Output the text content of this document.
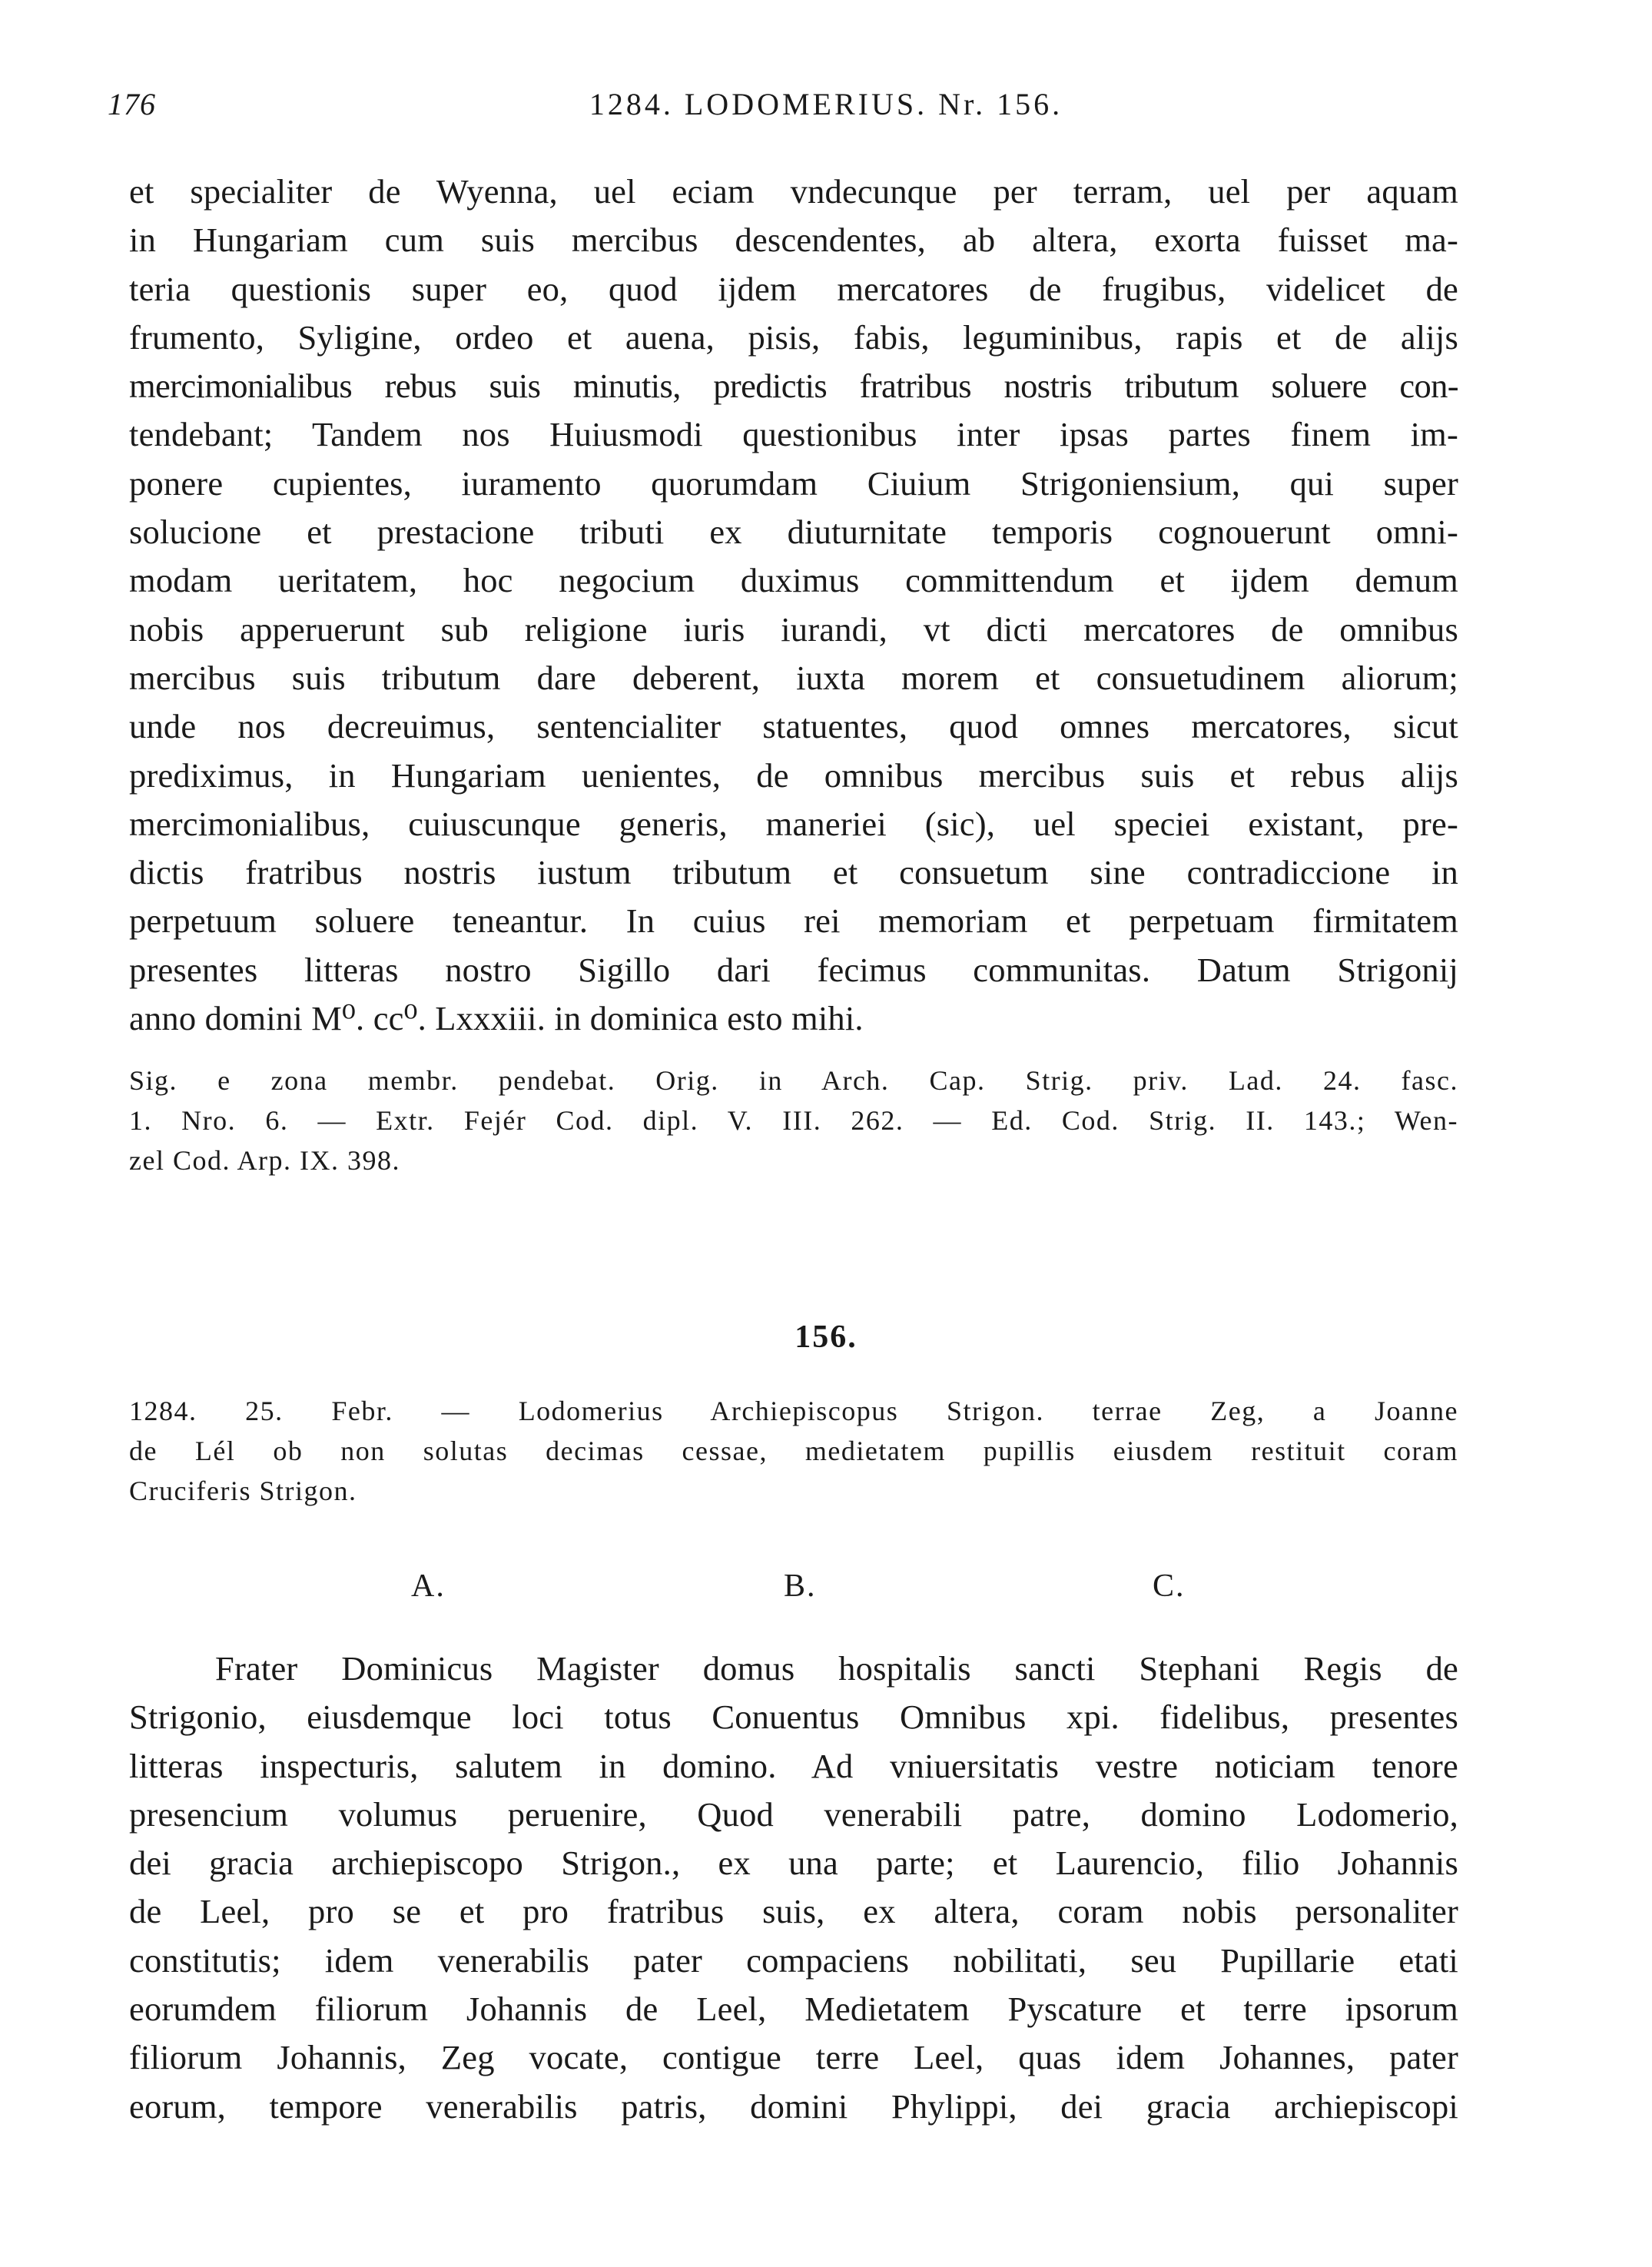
176	1284. LODOMERIUS. Nr. 156.
et specialiter de Wyenna, uel eciam vndecunque per terram, uel per aquam
in Hungariam cum suis mercibus descendentes, ab altera, exorta fuisset ma-
teria questionis super eo, quod ijdem mercatores de frugibus, videlicet de
frumento, Syligine, ordeo et auena, pisis, fabis, leguminibus, rapis et de alijs
mercimonialibus rebus suis minutis, predictis fratribus nostris tributum soluere con-
tendebant; Tandem nos Huiusmodi questionibus inter ipsas partes finem im-
ponere cupientes, iuramento quorumdam Ciuium Strigoniensium, qui super
solucione et prestacione tributi ex diuturnitate temporis cognouerunt omni-
modam ueritatem, hoc negocium duximus committendum et ijdem demum
nobis apperuerunt sub religione iuris iurandi, vt dicti mercatores de omnibus
mercibus suis tributum dare deberent, iuxta morem et consuetudinem aliorum;
unde nos decreuimus, sentencialiter statuentes, quod omnes mercatores, sicut
prediximus, in Hungariam uenientes, de omnibus mercibus suis et rebus alijs
mercimonialibus, cuiuscunque generis, maneriei (sic), uel speciei existant, pre-
dictis fratribus nostris iustum tributum et consuetum sine contradiccione in
perpetuum soluere teneantur. In cuius rei memoriam et perpetuam firmitatem
presentes litteras nostro Sigillo dari fecimus communitas. Datum Strigonij
anno domini M⁰. cc⁰. Lxxxiii. in dominica esto mihi.
Sig. e zona membr. pendebat. Orig. in Arch. Cap. Strig. priv. Lad. 24. fasc.
1. Nro. 6. — Extr. Fejér Cod. dipl. V. III. 262. — Ed. Cod. Strig. II. 143.; Wen-
zel Cod. Arp. IX. 398.
156.
1284. 25. Febr. — Lodomerius Archiepiscopus Strigon. terrae Zeg, a Joanne
de Lél ob non solutas decimas cessae, medietatem pupillis eiusdem restituit coram
Cruciferis Strigon.
A.	B.	C.
Frater Dominicus Magister domus hospitalis sancti Stephani Regis de
Strigonio, eiusdemque loci totus Conuentus Omnibus xpi. fidelibus, presentes
litteras inspecturis, salutem in domino. Ad vniuersitatis vestre noticiam tenore
presencium volumus peruenire, Quod venerabili patre, domino Lodomerio,
dei gracia archiepiscopo Strigon., ex una parte; et Laurencio, filio Johannis
de Leel, pro se et pro fratribus suis, ex altera, coram nobis personaliter
constitutis; idem venerabilis pater compaciens nobilitati, seu Pupillarie etati
eorumdem filiorum Johannis de Leel, Medietatem Pyscature et terre ipsorum
filiorum Johannis, Zeg vocate, contigue terre Leel, quas idem Johannes, pater
eorum, tempore venerabilis patris, domini Phylippi, dei gracia archiepiscopi
